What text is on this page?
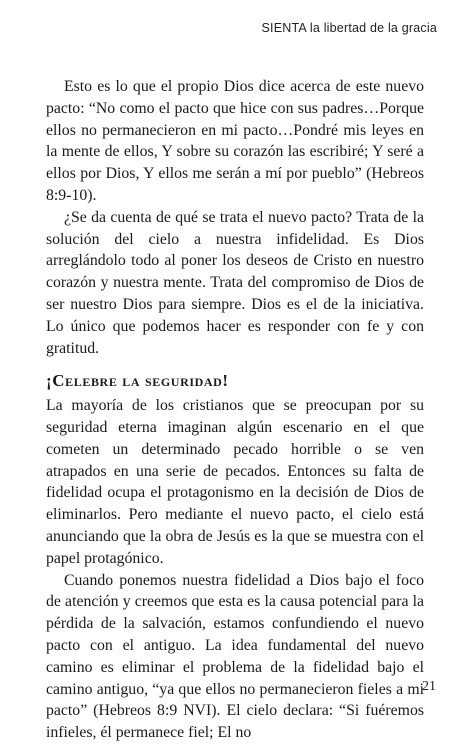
SIENTA la libertad de la gracia

Esto es lo que el propio Dios dice acerca de este nuevo pacto: “No como el pacto que hice con sus padres…Porque ellos no permanecieron en mi pacto…Pondré mis leyes en la mente de ellos, Y sobre su corazón las escribiré; Y seré a ellos por Dios, Y ellos me serán a mí por pueblo” (Hebreos 8:9-10).

¿Se da cuenta de qué se trata el nuevo pacto? Trata de la solución del cielo a nuestra infidelidad. Es Dios arreglándolo todo al poner los deseos de Cristo en nuestro corazón y nuestra mente. Trata del compromiso de Dios de ser nuestro Dios para siempre. Dios es el de la iniciativa. Lo único que podemos hacer es responder con fe y con gratitud.

¡Celebre la seguridad!

La mayoría de los cristianos que se preocupan por su seguridad eterna imaginan algún escenario en el que cometen un determinado pecado horrible o se ven atrapados en una serie de pecados. Entonces su falta de fidelidad ocupa el protagonismo en la decisión de Dios de eliminarlos. Pero mediante el nuevo pacto, el cielo está anunciando que la obra de Jesús es la que se muestra con el papel protagónico.

Cuando ponemos nuestra fidelidad a Dios bajo el foco de atención y creemos que esta es la causa potencial para la pérdida de la salvación, estamos confundiendo el nuevo pacto con el antiguo. La idea fundamental del nuevo camino es eliminar el problema de la fidelidad bajo el camino antiguo, “ya que ellos no permanecieron fieles a mi pacto” (Hebreos 8:9 NVI). El cielo declara: “Si fuéremos infieles, él permanece fiel; El no

21
